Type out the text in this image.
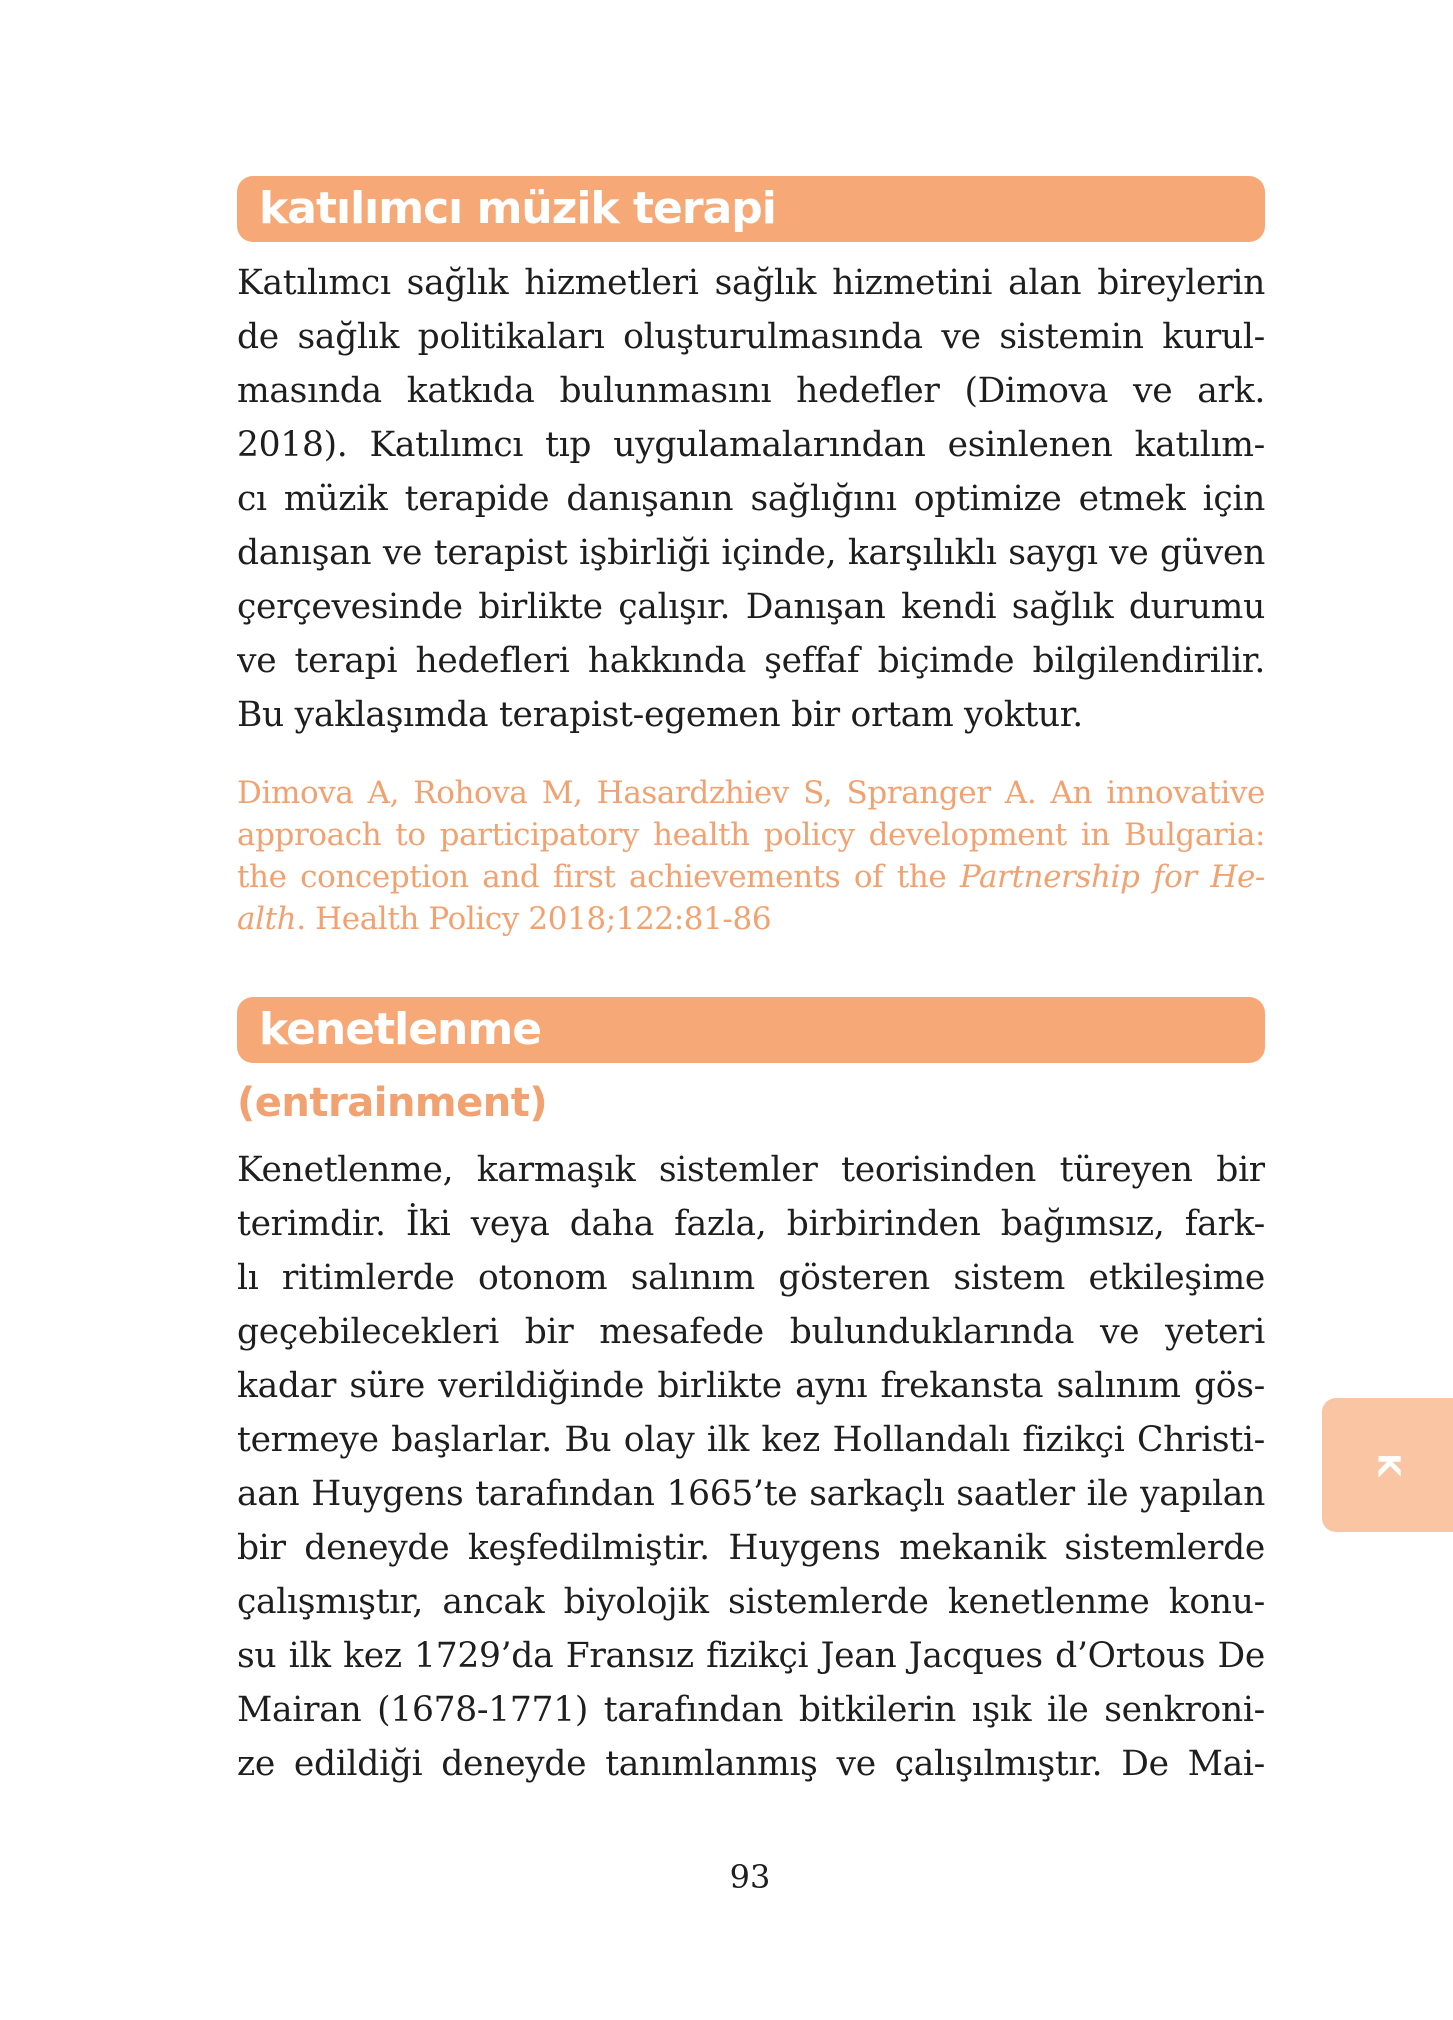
katılımcı müzik terapi
Katılımcı sağlık hizmetleri sağlık hizmetini alan bireylerin
de sağlık politikaları oluşturulmasında ve sistemin kurul-
masında katkıda bulunmasını hedefler (Dimova ve ark.
2018). Katılımcı tıp uygulamalarından esinlenen katılım-
cı müzik terapide danışanın sağlığını optimize etmek için
danışan ve terapist işbirliği içinde, karşılıklı saygı ve güven
çerçevesinde birlikte çalışır. Danışan kendi sağlık durumu
ve terapi hedefleri hakkında şeffaf biçimde bilgilendirilir.
Bu yaklaşımda terapist-egemen bir ortam yoktur.
Dimova A, Rohova M, Hasardzhiev S, Spranger A. An innovative
approach to participatory health policy development in Bulgaria:
the conception and first achievements of the Partnership for He-
alth. Health Policy 2018;122:81-86
kenetlenme
(entrainment)
Kenetlenme, karmaşık sistemler teorisinden türeyen bir
terimdir. İki veya daha fazla, birbirinden bağımsız, fark-
lı ritimlerde otonom salınım gösteren sistem etkileşime
geçebilecekleri bir mesafede bulunduklarında ve yeteri
kadar süre verildiğinde birlikte aynı frekansta salınım gös-
termeye başlarlar. Bu olay ilk kez Hollandalı fizikçi Christi-
aan Huygens tarafından 1665’te sarkaçlı saatler ile yapılan
bir deneyde keşfedilmiştir. Huygens mekanik sistemlerde
çalışmıştır, ancak biyolojik sistemlerde kenetlenme konu-
su ilk kez 1729’da Fransız fizikçi Jean Jacques d’Ortous De
Mairan (1678-1771) tarafından bitkilerin ışık ile senkroni-
ze edildiği deneyde tanımlanmış ve çalışılmıştır. De Mai-
K
93
